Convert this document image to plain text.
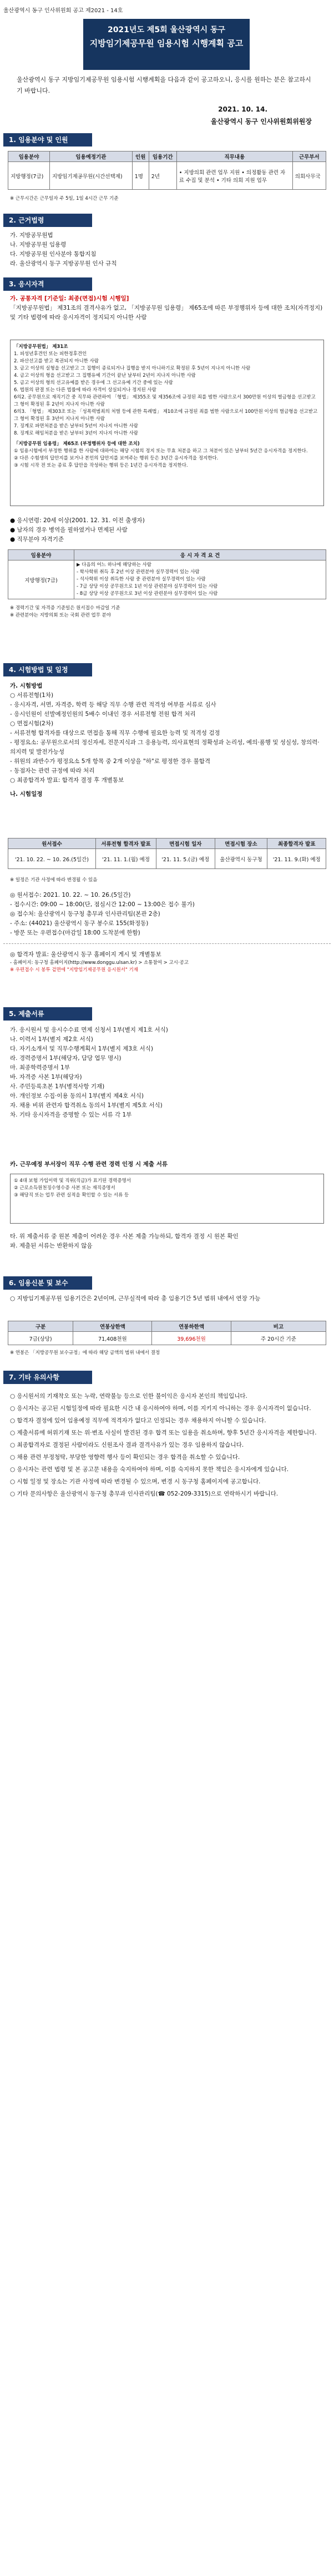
울산광역시 동구 인사위원회 공고 제2021 - 14호
2021년도 제5회 울산광역시 동구
지방임기제공무원 임용시험 시행계획 공고
울산광역시 동구 지방임기제공무원 임용시험 시행계획을 다음과 같이 공고하오니, 응시를 원하는 분은 참고하시기 바랍니다.
2021. 10. 14.
울산광역시 동구 인사위원회위원장
1. 임용분야 및 인원
임용분야	임용예정기관	인원	임용기간	직무내용	근무부서
지방행정(7급)	지방임기제공무원(시간선택제)	1명	2년	• 지방의회 관련 업무 지원 • 의정활동 관련 자료 수집 및 분석 • 기타 의회 지원 업무	의회사무국
※ 근무시간은 근무일자 주 5일, 1일 4시간 근무 기준
2. 근거법령
가. 지방공무원법
나. 지방공무원 임용령
다. 지방공무원 인사분야 통합지침
라. 울산광역시 동구 지방공무원 인사 규칙
3. 응시자격
가. 공통자격 [기준일: 최종(면접)시험 시행일]
「지방공무원법」 제31조의 결격사유가 없고, 「지방공무원 임용령」 제65조에 따른 부정행위자 등에 대한 조치(자격정지) 및 기타 법령에 따라 응시자격이 정지되지 아니한 사람
「지방공무원법」 제31조
1. 피성년후견인 또는 피한정후견인
2. 파산선고를 받고 복권되지 아니한 사람
3. 금고 이상의 실형을 선고받고 그 집행이 종료되거나 집행을 받지 아니하기로 확정된 후 5년이 지나지 아니한 사람
4. 금고 이상의 형을 선고받고 그 집행유예 기간이 끝난 날부터 2년이 지나지 아니한 사람
5. 금고 이상의 형의 선고유예를 받은 경우에 그 선고유예 기간 중에 있는 사람
6. 법원의 판결 또는 다른 법률에 따라 자격이 상실되거나 정지된 사람
6의2. 공무원으로 재직기간 중 직무와 관련하여 「형법」 제355조 및 제356조에 규정된 죄를 범한 사람으로서 300만원 이상의 벌금형을 선고받고 그 형이 확정된 후 2년이 지나지 아니한 사람
6의3. 「형법」 제303조 또는 「성폭력범죄의 처벌 등에 관한 특례법」 제10조에 규정된 죄를 범한 사람으로서 100만원 이상의 벌금형을 선고받고 그 형이 확정된 후 3년이 지나지 아니한 사람
7. 징계로 파면처분을 받은 날부터 5년이 지나지 아니한 사람
8. 징계로 해임처분을 받은 날부터 3년이 지나지 아니한 사람
「지방공무원 임용령」 제65조 (부정행위자 등에 대한 조치)
① 임용시험에서 부정한 행위를 한 사람에 대하여는 해당 시험의 정지 또는 무효 처분을 하고 그 처분이 있은 날부터 5년간 응시자격을 정지한다.
② 다른 수험생의 답안지를 보거나 본인의 답안지를 보여주는 행위 등은 3년간 응시자격을 정지한다.
③ 시험 시작 전 또는 종료 후 답안을 작성하는 행위 등은 1년간 응시자격을 정지한다.
● 응시연령: 20세 이상(2001. 12. 31. 이전 출생자)
● 남자의 경우 병역을 필하였거나 면제된 사람
● 직무분야 자격기준
임용분야	응 시 자 격 요 건
지방행정(7급)	▶ 다음의 어느 하나에 해당하는 사람
- 학사학위 취득 후 2년 이상 관련분야 실무경력이 있는 사람
- 석사학위 이상 취득한 사람 중 관련분야 실무경력이 있는 사람
- 7급 상당 이상 공무원으로 1년 이상 관련분야 실무경력이 있는 사람
- 8급 상당 이상 공무원으로 3년 이상 관련분야 실무경력이 있는 사람
※ 경력기간 및 자격증 기준일은 원서접수 마감일 기준
※ 관련분야는 지방의회 또는 국회 관련 업무 분야
4. 시험방법 및 일정
가. 시험방법
○ 서류전형(1차)
- 응시자격, 서면, 자격증, 학력 등 해당 직무 수행 관련 적격성 여부를 서류로 심사
- 응시인원이 선발예정인원의 5배수 이내인 경우 서류전형 전원 합격 처리
○ 면접시험(2차)
- 서류전형 합격자를 대상으로 면접을 통해 직무 수행에 필요한 능력 및 적격성 검정
- 평정요소: 공무원으로서의 정신자세, 전문지식과 그 응용능력, 의사표현의 정확성과 논리성, 예의·품행 및 성실성, 창의력·의지력 및 발전가능성
- 위원의 과반수가 평정요소 5개 항목 중 2개 이상을 "하"로 평정한 경우 불합격
- 동점자는 관련 규정에 따라 처리
○ 최종합격자 발표: 합격자 결정 후 개별통보
나. 시험일정
원서접수	서류전형 합격자 발표	면접시험 일자	면접시험 장소	최종합격자 발표
'21. 10. 22. ~ 10. 26.(5일간)	'21. 11. 1.(월) 예정	'21. 11. 5.(금) 예정	울산광역시 동구청	'21. 11. 9.(화) 예정
※ 일정은 기관 사정에 따라 변경될 수 있음
◎ 원서접수: 2021. 10. 22. ~ 10. 26.(5일간)
- 접수시간: 09:00 ~ 18:00(단, 점심시간 12:00 ~ 13:00은 접수 불가)
◎ 접수처: 울산광역시 동구청 총무과 인사관리팀(본관 2층)
- 주소: (44021) 울산광역시 동구 봉수로 155(화정동)
- 방문 또는 우편접수(마감일 18:00 도착분에 한함)
◎ 합격자 발표: 울산광역시 동구 홈페이지 게시 및 개별통보
- 홈페이지: 동구청 홈페이지(http://www.donggu.ulsan.kr) > 소통참여 > 고시·공고
※ 우편접수 시 봉투 겉면에 "지방임기제공무원 응시원서" 기재
5. 제출서류
가. 응시원서 및 응시수수료 면제 신청서 1부(별지 제1호 서식)
나. 이력서 1부(별지 제2호 서식)
다. 자기소개서 및 직무수행계획서 1부(별지 제3호 서식)
라. 경력증명서 1부(해당자, 담당 업무 명시)
마. 최종학력증명서 1부
바. 자격증 사본 1부(해당자)
사. 주민등록초본 1부(병적사항 기재)
아. 개인정보 수집·이용 동의서 1부(별지 제4호 서식)
자. 채용 비위 관련자 합격취소 동의서 1부(별지 제5호 서식)
차. 기타 응시자격을 증명할 수 있는 서류 각 1부
카. 근무예정 부서장이 직무 수행 관련 경력 인정 시 제출 서류
① 4대 보험 가입이력 및 직위(직급)가 표기된 경력증명서
② 근로소득원천징수영수증 사본 또는 재직증명서
③ 해당직 또는 업무 관련 실적을 확인할 수 있는 서류 등
타. 위 제출서류 중 원본 제출이 어려운 경우 사본 제출 가능하되, 합격자 결정 시 원본 확인
파. 제출된 서류는 반환하지 않음
6. 임용신분 및 보수
○ 지방임기제공무원 임용기간은 2년이며, 근무실적에 따라 총 임용기간 5년 범위 내에서 연장 가능
구분	연봉상한액	연봉하한액	비고
7급(상당)	71,408천원	39,696천원	주 20시간 기준
※ 연봉은 「지방공무원 보수규정」에 따라 해당 금액의 범위 내에서 결정
7. 기타 유의사항
○ 응시원서의 기재착오 또는 누락, 연락불능 등으로 인한 불이익은 응시자 본인의 책임입니다.
○ 응시자는 공고된 시험일정에 따라 필요한 시간 내 응시하여야 하며, 이를 지키지 아니하는 경우 응시자격이 없습니다.
○ 합격자 결정에 있어 임용예정 직무에 적격자가 없다고 인정되는 경우 채용하지 아니할 수 있습니다.
○ 제출서류에 허위기재 또는 위·변조 사실이 발견된 경우 합격 또는 임용을 취소하며, 향후 5년간 응시자격을 제한합니다.
○ 최종합격자로 결정된 사람이라도 신원조사 결과 결격사유가 있는 경우 임용하지 않습니다.
○ 채용 관련 부정청탁, 부당한 영향력 행사 등이 확인되는 경우 합격을 취소할 수 있습니다.
○ 응시자는 관련 법령 및 본 공고문 내용을 숙지하여야 하며, 이를 숙지하지 못한 책임은 응시자에게 있습니다.
○ 시험 일정 및 장소는 기관 사정에 따라 변경될 수 있으며, 변경 시 동구청 홈페이지에 공고합니다.
○ 기타 문의사항은 울산광역시 동구청 총무과 인사관리팀(☎ 052-209-3315)으로 연락하시기 바랍니다.
